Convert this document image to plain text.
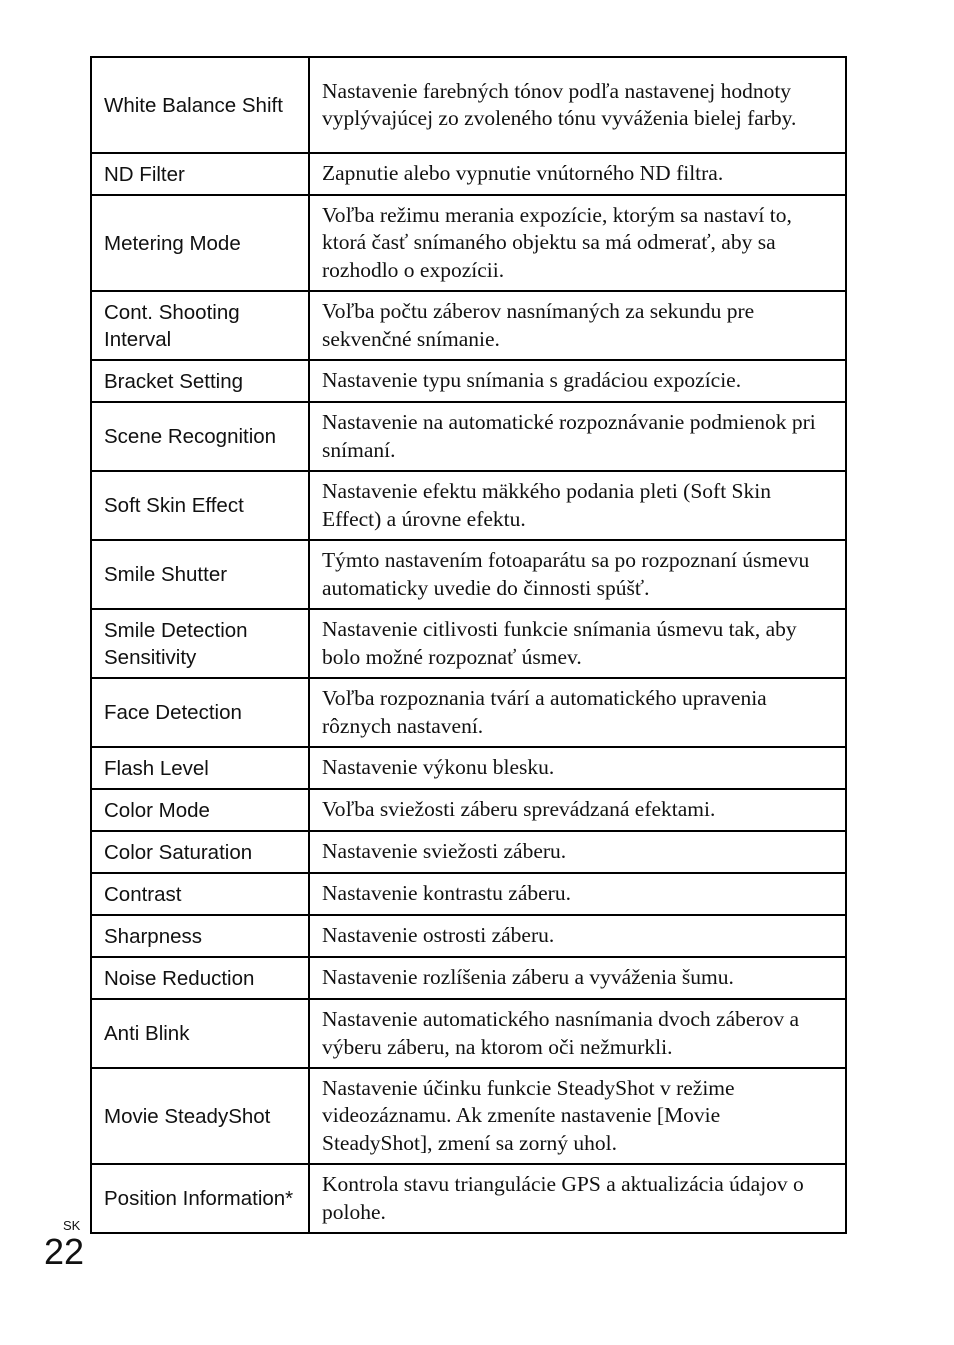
White Balance Shift	Nastavenie farebných tónov podľa nastavenej hodnoty vyplývajúcej zo zvoleného tónu vyváženia bielej farby.
ND Filter	Zapnutie alebo vypnutie vnútorného ND filtra.
Metering Mode	Voľba režimu merania expozície, ktorým sa nastaví to, ktorá časť snímaného objektu sa má odmerať, aby sa rozhodlo o expozícii.
Cont. Shooting Interval	Voľba počtu záberov nasnímaných za sekundu pre sekvenčné snímanie.
Bracket Setting	Nastavenie typu snímania s gradáciou expozície.
Scene Recognition	Nastavenie na automatické rozpoznávanie podmienok pri snímaní.
Soft Skin Effect	Nastavenie efektu mäkkého podania pleti (Soft Skin Effect) a úrovne efektu.
Smile Shutter	Týmto nastavením fotoaparátu sa po rozpoznaní úsmevu automaticky uvedie do činnosti spúšť.
Smile Detection Sensitivity	Nastavenie citlivosti funkcie snímania úsmevu tak, aby bolo možné rozpoznať úsmev.
Face Detection	Voľba rozpoznania tvárí a automatického upravenia rôznych nastavení.
Flash Level	Nastavenie výkonu blesku.
Color Mode	Voľba sviežosti záberu sprevádzaná efektami.
Color Saturation	Nastavenie sviežosti záberu.
Contrast	Nastavenie kontrastu záberu.
Sharpness	Nastavenie ostrosti záberu.
Noise Reduction	Nastavenie rozlíšenia záberu a vyváženia šumu.
Anti Blink	Nastavenie automatického nasnímania dvoch záberov a výberu záberu, na ktorom oči nežmurkli.
Movie SteadyShot	Nastavenie účinku funkcie SteadyShot v režime videozáznamu. Ak zmeníte nastavenie [Movie SteadyShot], zmení sa zorný uhol.
Position Information*	Kontrola stavu triangulácie GPS a aktualizácia údajov o polohe.
SK
22
